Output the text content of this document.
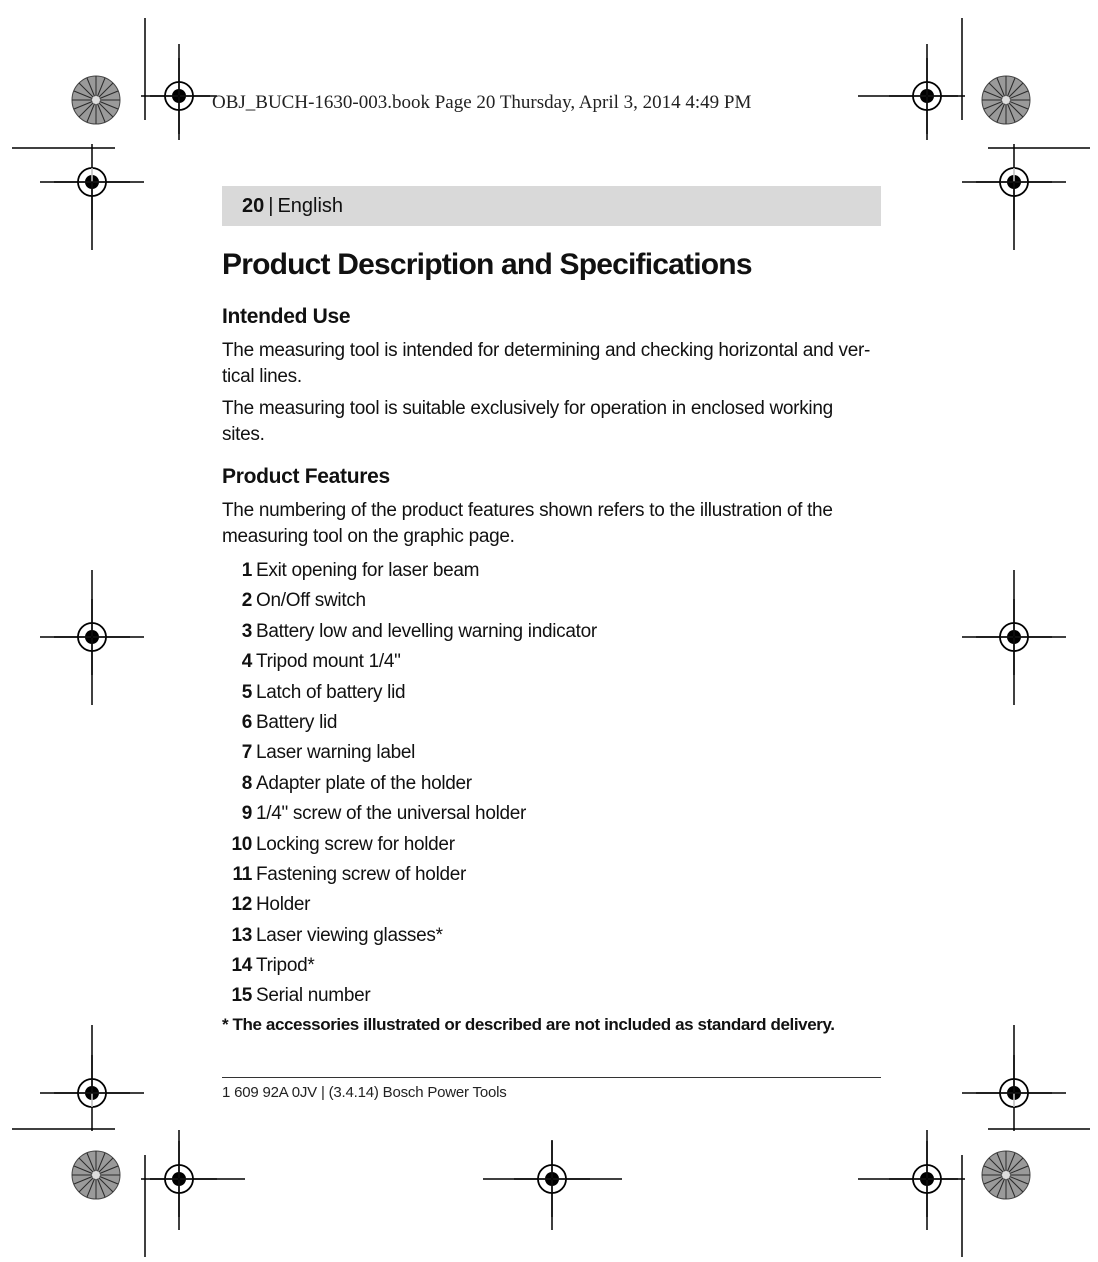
OBJ_BUCH-1630-003.book Page 20 Thursday, April 3, 2014 4:49 PM
20 | English
Product Description and Specifications
Intended Use

The measuring tool is intended for determining and checking horizontal and ver-
tical lines.

The measuring tool is suitable exclusively for operation in enclosed working
sites.

Product Features

The numbering of the product features shown refers to the illustration of the
measuring tool on the graphic page.

1 Exit opening for laser beam
2 On/Off switch
3 Battery low and levelling warning indicator
4 Tripod mount 1/4"
5 Latch of battery lid
6 Battery lid
7 Laser warning label
8 Adapter plate of the holder
9 1/4" screw of the universal holder
10 Locking screw for holder
11 Fastening screw of holder
12 Holder
13 Laser viewing glasses*
14 Tripod*
15 Serial number
* The accessories illustrated or described are not included as standard delivery.
1 609 92A 0JV | (3.4.14) Bosch Power Tools
